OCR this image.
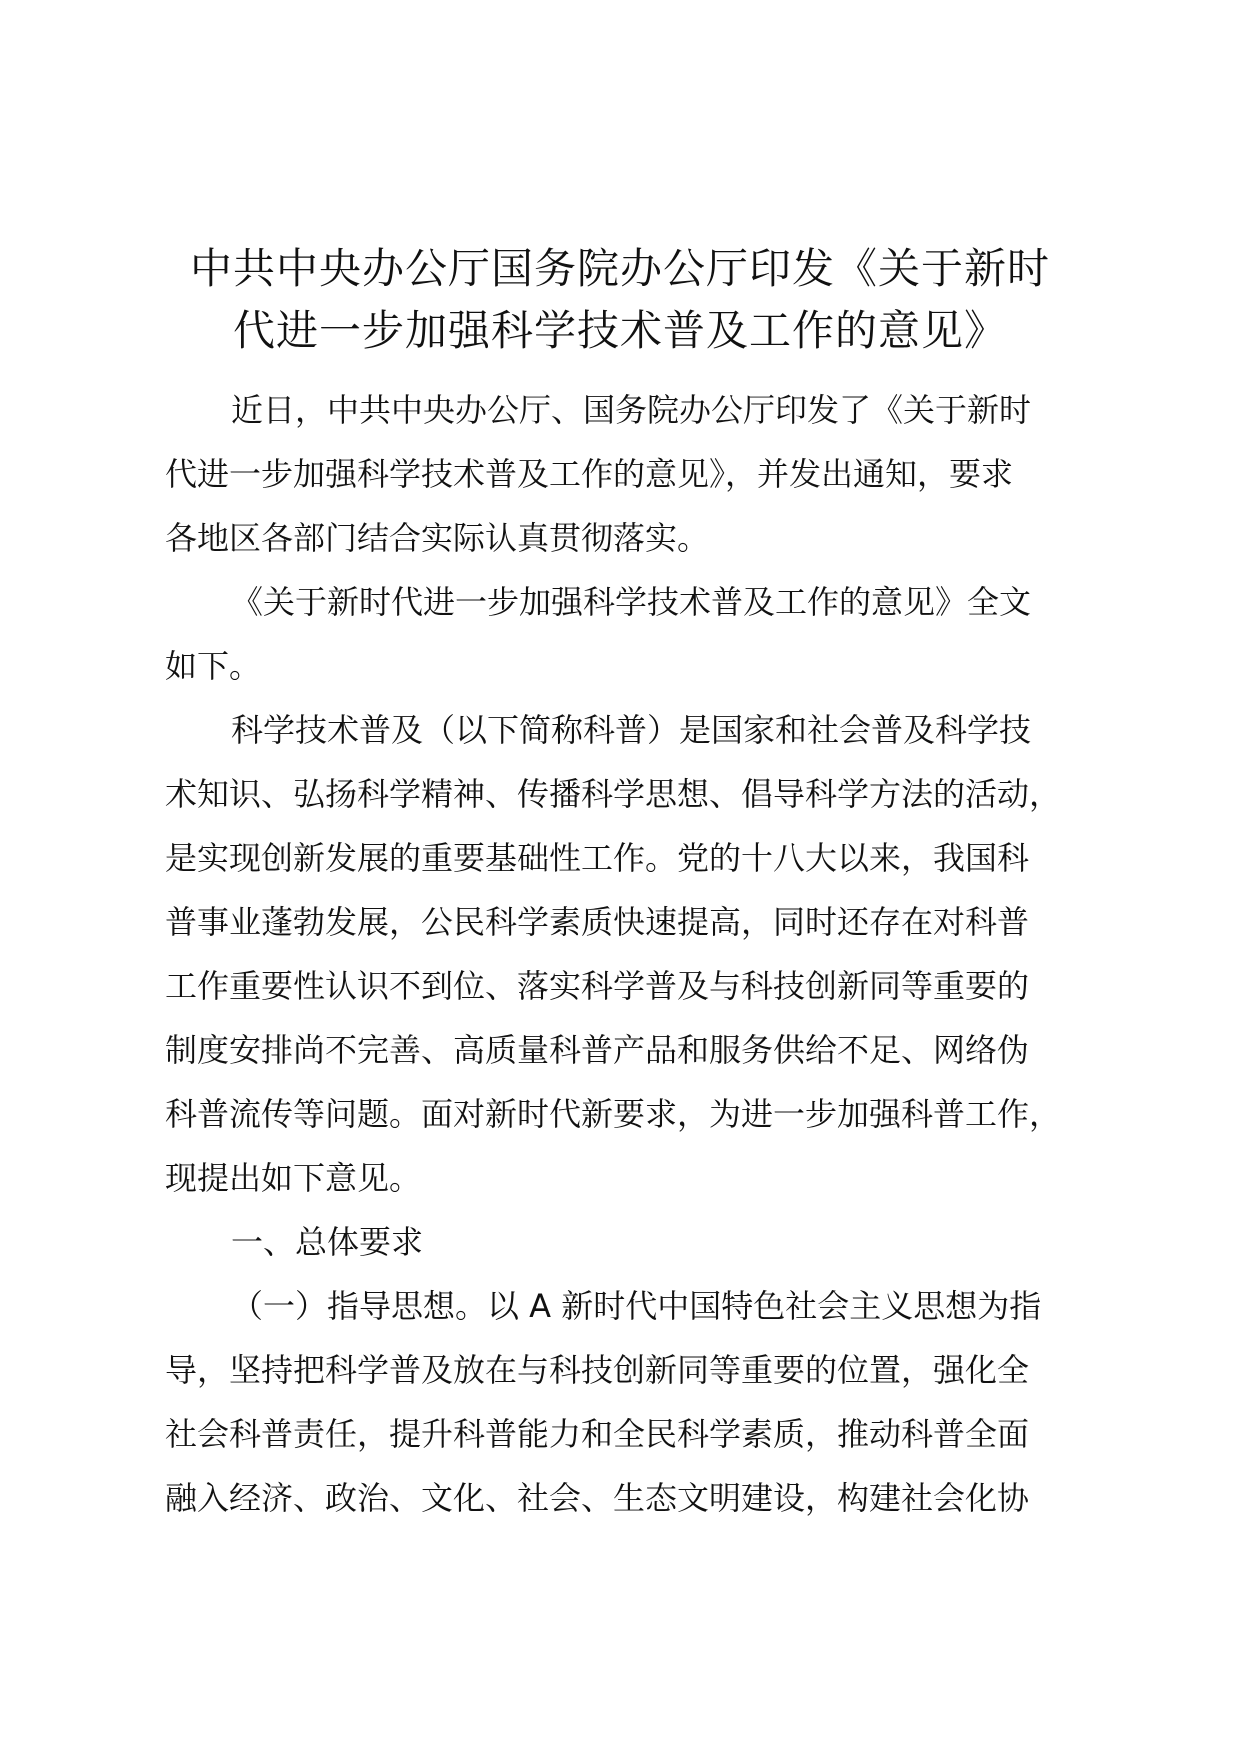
中共中央办公厅国务院办公厅印发《关于新时
代进一步加强科学技术普及工作的意见》
近日，中共中央办公厅、国务院办公厅印发了《关于新时
代进一步加强科学技术普及工作的意见》，并发出通知，要求
各地区各部门结合实际认真贯彻落实。
《关于新时代进一步加强科学技术普及工作的意见》全文
如下。
科学技术普及（以下简称科普）是国家和社会普及科学技
术知识、弘扬科学精神、传播科学思想、倡导科学方法的活动，
是实现创新发展的重要基础性工作。党的十八大以来，我国科
普事业蓬勃发展，公民科学素质快速提高，同时还存在对科普
工作重要性认识不到位、落实科学普及与科技创新同等重要的
制度安排尚不完善、高质量科普产品和服务供给不足、网络伪
科普流传等问题。面对新时代新要求，为进一步加强科普工作，
现提出如下意见。
一、总体要求
（一）指导思想。以 A 新时代中国特色社会主义思想为指
导，坚持把科学普及放在与科技创新同等重要的位置，强化全
社会科普责任，提升科普能力和全民科学素质，推动科普全面
融入经济、政治、文化、社会、生态文明建设，构建社会化协
